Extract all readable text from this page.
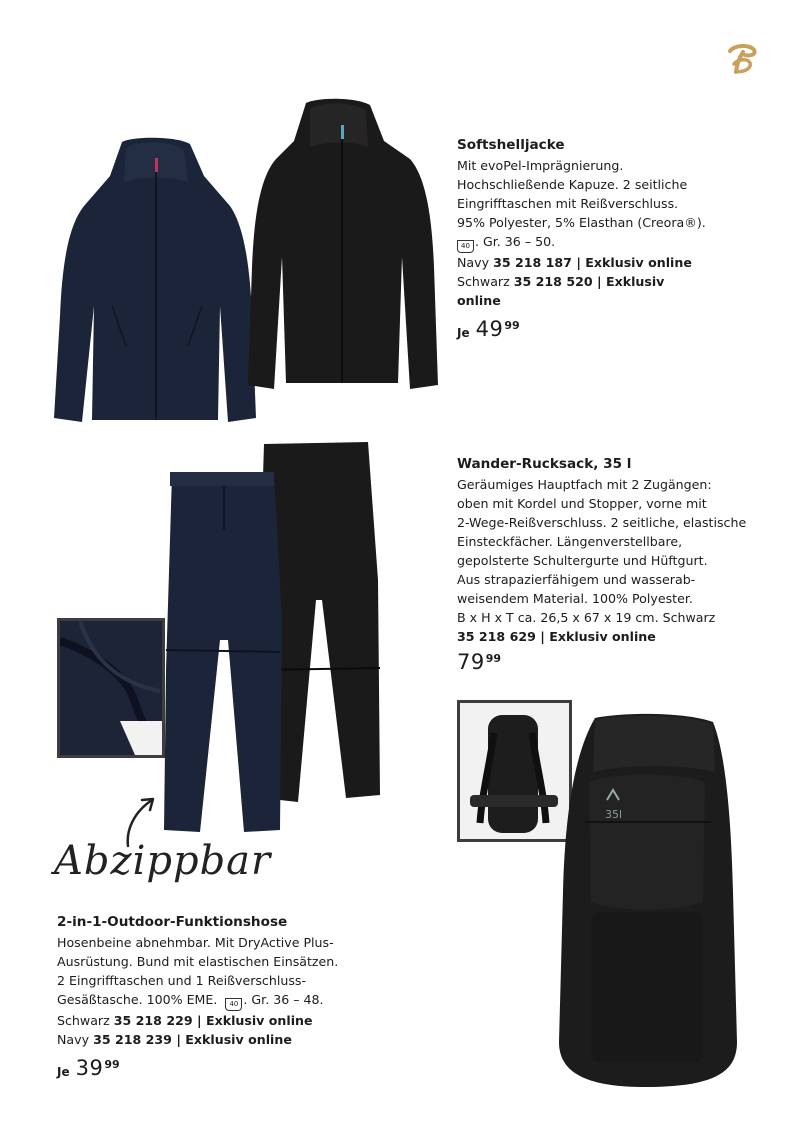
Softshelljacke
Mit evoPel-Imprägnierung.
Hochschließende Kapuze. 2 seitliche
Eingrifftaschen mit Reißverschluss.
95% Polyester, 5% Elasthan (Creora®).
40 . Gr. 36 – 50.
Navy 35 218 187 | Exklusiv online
Schwarz 35 218 520 | Exklusiv
online
Je 49 99
Wander-Rucksack, 35 l
Geräumiges Hauptfach mit 2 Zugängen:
oben mit Kordel und Stopper, vorne mit
2-Wege-Reißverschluss. 2 seitliche, elastische
Einsteckfächer. Längenverstellbare,
gepolsterte Schultergurte und Hüftgurt.
Aus strapazierfähigem und wasserab-
weisendem Material. 100% Polyester.
B x H x T ca. 26,5 x 67 x 19 cm. Schwarz
35 218 629 | Exklusiv online
79 99
35l
Abzippbar
2-in-1-Outdoor-Funktionshose
Hosenbeine abnehmbar. Mit DryActive Plus-
Ausrüstung. Bund mit elastischen Einsätzen.
2 Eingrifftaschen und 1 Reißverschluss-
Gesäßtasche. 100% EME. 40 . Gr. 36 – 48.
Schwarz 35 218 229 | Exklusiv online
Navy 35 218 239 | Exklusiv online
Je 39 99
